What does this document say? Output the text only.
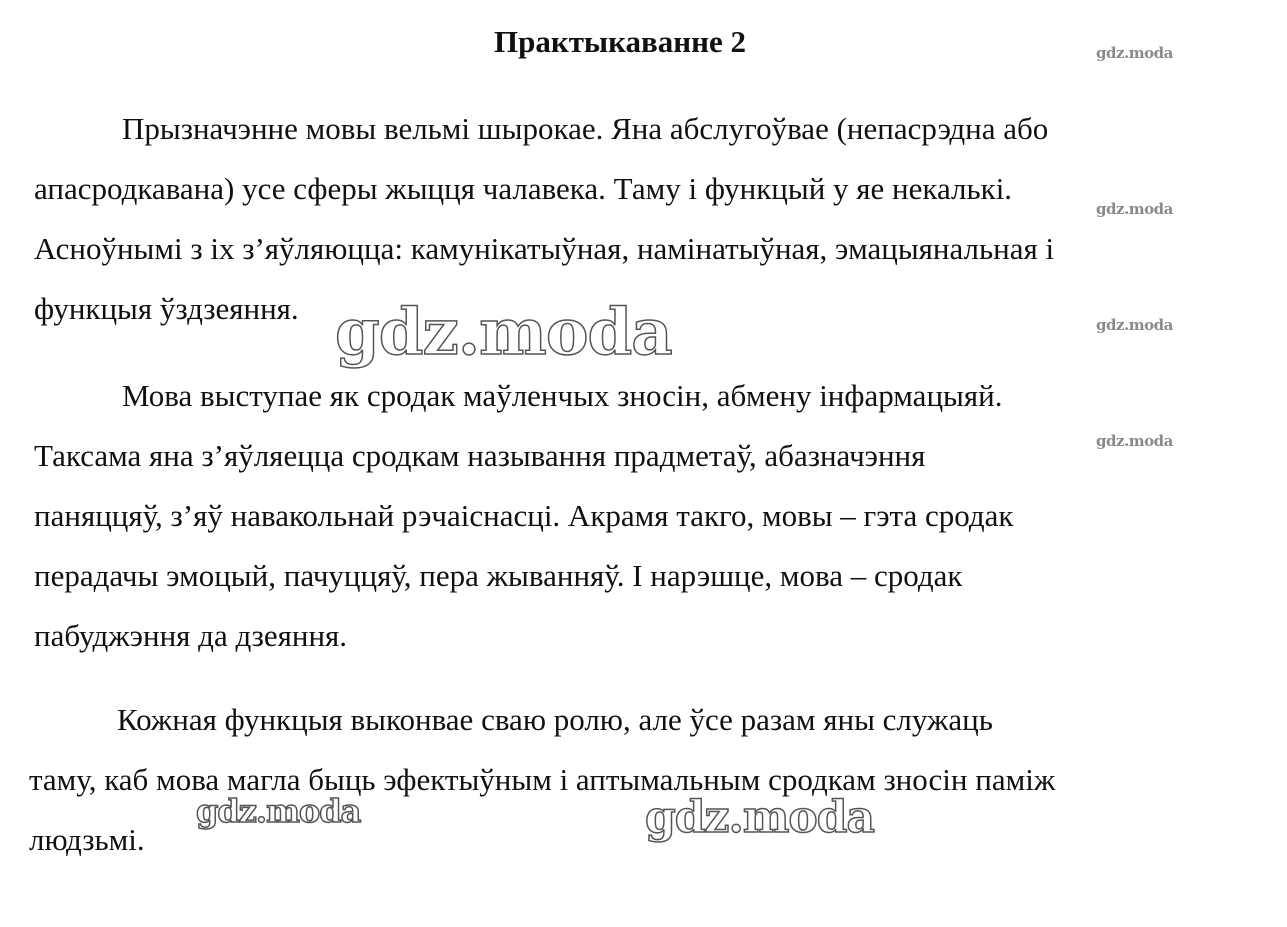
Практыкаванне 2
Прызначэнне мовы вельмі шырокае. Яна абслугоўвае (непасрэдна або
апасродкавана) усе сферы жыцця чалавека. Таму і функцый у яе некалькі.
Асноўнымі з іх з’яўляюцца: камунікатыўная, намінатыўная, эмацыянальная і
функцыя ўздзеяння.
Мова выступае як сродак маўленчых зносін, абмену інфармацыяй.
Таксама яна з’яўляецца сродкам называння прадметаў, абазначэння
паняццяў, з’яў навакольнай рэчаіснасці. Акрамя такго, мовы – гэта сродак
перадачы эмоцый, пачуццяў, пера жыванняў. І нарэшце, мова – сродак
пабуджэння да дзеяння.
Кожная функцыя выконвае сваю ролю, але ўсе разам яны служаць
таму, каб мова магла быць эфектыўным і аптымальным сродкам зносін паміж
людзьмі.
gdz.moda
gdz.moda
gdz.moda
gdz.moda
gdz.moda
gdz.moda	gdz.moda
